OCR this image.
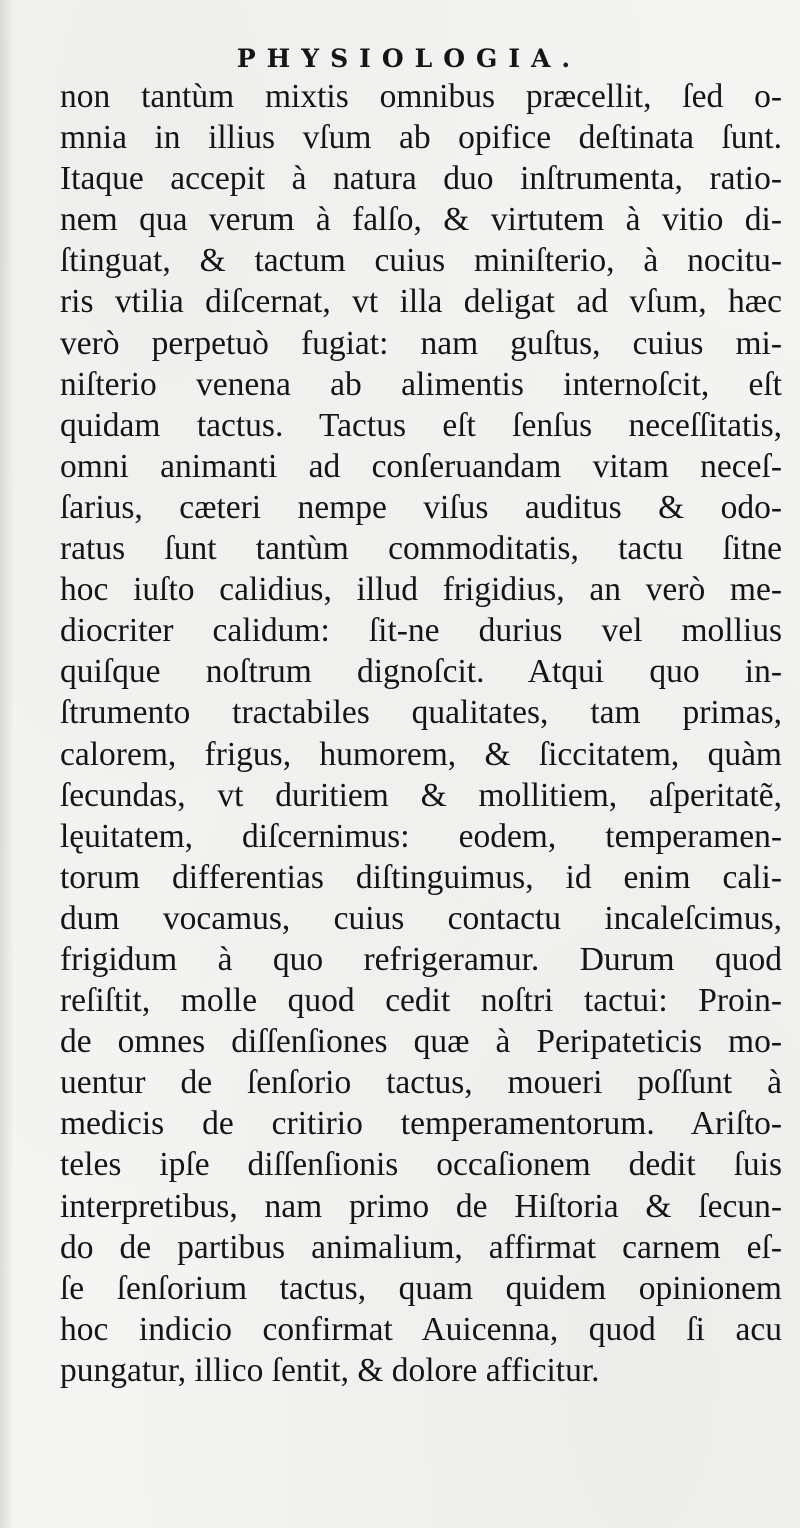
PHYSIOLOGIA.
non tantùm mixtis omnibus præcellit, ſed o-
mnia in illius vſum ab opifice deſtinata ſunt.
Itaque accepit à natura duo inſtrumenta, ratio-
nem qua verum à falſo, & virtutem à vitio di-
ſtinguat, & tactum cuius miniſterio, à nocitu-
ris vtilia diſcernat, vt illa deligat ad vſum, hæc
verò perpetuò fugiat: nam guſtus, cuius mi-
niſterio venena ab alimentis internoſcit, eſt
quidam tactus. Tactus eſt ſenſus neceſſitatis,
omni animanti ad conſeruandam vitam neceſ-
ſarius, cæteri nempe viſus auditus & odo-
ratus ſunt tantùm commoditatis, tactu ſitne
hoc iuſto calidius, illud frigidius, an verò me-
diocriter calidum: ſit-ne durius vel mollius
quiſque noſtrum dignoſcit. Atqui quo in-
ſtrumento tractabiles qualitates, tam primas,
calorem, frigus, humorem, & ſiccitatem, quàm
ſecundas, vt duritiem & mollitiem, aſperitatẽ,
lęuitatem, diſcernimus: eodem, temperamen-
torum differentias diſtinguimus, id enim cali-
dum vocamus, cuius contactu incaleſcimus,
frigidum à quo refrigeramur. Durum quod
reſiſtit, molle quod cedit noſtri tactui: Proin-
de omnes diſſenſiones quæ à Peripateticis mo-
uentur de ſenſorio tactus, moueri poſſunt à
medicis de critirio temperamentorum. Ariſto-
teles ipſe diſſenſionis occaſionem dedit ſuis
interpretibus, nam primo de Hiſtoria & ſecun-
do de partibus animalium, affirmat carnem eſ-
ſe ſenſorium tactus, quam quidem opinionem
hoc indicio confirmat Auicenna, quod ſi acu
pungatur, illico ſentit, & dolore afficitur.
